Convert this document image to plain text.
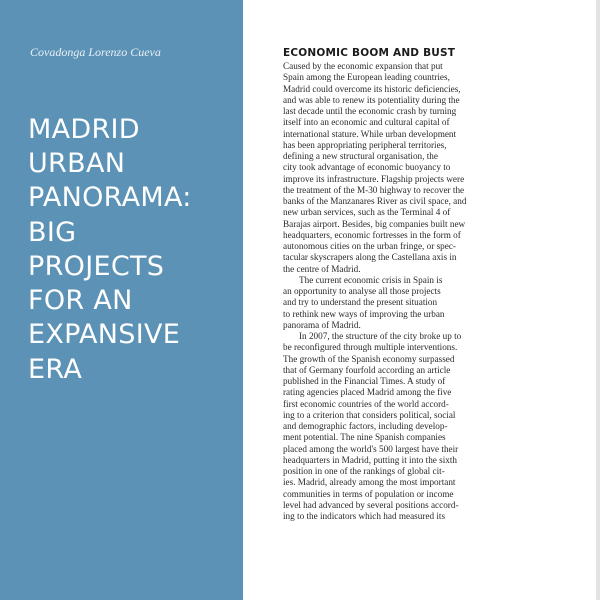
Covadonga Lorenzo Cueva
MADRID
URBAN
PANORAMA:
BIG
PROJECTS
FOR AN
EXPANSIVE
ERA
ECONOMIC BOOM AND BUST

Caused by the economic expansion that put
Spain among the European leading countries,
Madrid could overcome its historic deficiencies,
and was able to renew its potentiality during the
last decade until the economic crash by turning
itself into an economic and cultural capital of
international stature. While urban development
has been appropriating peripheral territories,
defining a new structural organisation, the
city took advantage of economic buoyancy to
improve its infrastructure. Flagship projects were
the treatment of the M-30 highway to recover the
banks of the Manzanares River as civil space, and
new urban services, such as the Terminal 4 of
Barajas airport. Besides, big companies built new
headquarters, economic fortresses in the form of
autonomous cities on the urban fringe, or spec-
tacular skyscrapers along the Castellana axis in
the centre of Madrid.

The current economic crisis in Spain is
an opportunity to analyse all those projects
and try to understand the present situation
to rethink new ways of improving the urban
panorama of Madrid.

In 2007, the structure of the city broke up to
be reconfigured through multiple interventions.
The growth of the Spanish economy surpassed
that of Germany fourfold according an article
published in the Financial Times. A study of
rating agencies placed Madrid among the five
first economic countries of the world accord-
ing to a criterion that considers political, social
and demographic factors, including develop-
ment potential. The nine Spanish companies
placed among the world's 500 largest have their
headquarters in Madrid, putting it into the sixth
position in one of the rankings of global cit-
ies. Madrid, already among the most important
communities in terms of population or income
level had advanced by several positions accord-
ing to the indicators which had measured its
